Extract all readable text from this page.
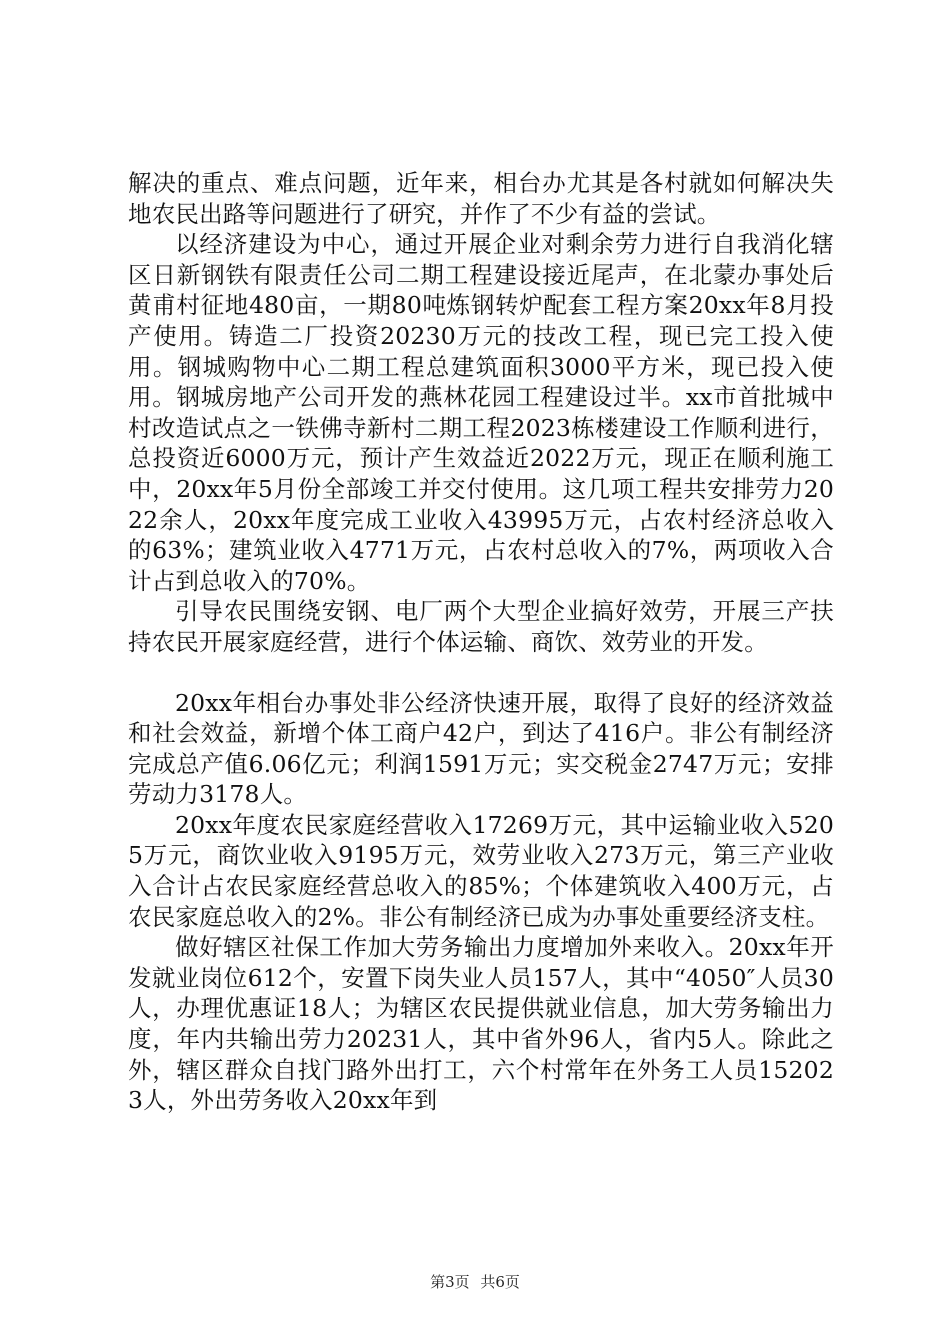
解决的重点、难点问题，近年来，相台办尤其是各村就如何解决失地农民出路等问题进行了研究，并作了不少有益的尝试。

以经济建设为中心，通过开展企业对剩余劳力进行自我消化辖区日新钢铁有限责任公司二期工程建设接近尾声，在北蒙办事处后黄甫村征地480亩，一期80吨炼钢转炉配套工程方案20xx年8月投产使用。铸造二厂投资20230万元的技改工程，现已完工投入使用。钢城购物中心二期工程总建筑面积3000平方米，现已投入使用。钢城房地产公司开发的燕林花园工程建设过半。xx市首批城中村改造试点之一铁佛寺新村二期工程2023栋楼建设工作顺利进行，总投资近6000万元，预计产生效益近2022万元，现正在顺利施工中，20xx年5月份全部竣工并交付使用。这几项工程共安排劳力2022余人，20xx年度完成工业收入43995万元，占农村经济总收入的63%；建筑业收入4771万元，占农村总收入的7%，两项收入合计占到总收入的70%。

引导农民围绕安钢、电厂两个大型企业搞好效劳，开展三产扶持农民开展家庭经营，进行个体运输、商饮、效劳业的开发。

20xx年相台办事处非公经济快速开展，取得了良好的经济效益和社会效益，新增个体工商户42户，到达了416户。非公有制经济完成总产值6.06亿元；利润1591万元；实交税金2747万元；安排劳动力3178人。

20xx年度农民家庭经营收入17269万元，其中运输业收入5205万元，商饮业收入9195万元，效劳业收入273万元，第三产业收入合计占农民家庭经营总收入的85%；个体建筑收入400万元，占农民家庭总收入的2%。非公有制经济已成为办事处重要经济支柱。

做好辖区社保工作加大劳务输出力度增加外来收入。20xx年开发就业岗位612个，安置下岗失业人员157人，其中“4050″人员30人，办理优惠证18人；为辖区农民提供就业信息，加大劳务输出力度，年内共输出劳力20231人，其中省外96人，省内5人。除此之外，辖区群众自找门路外出打工，六个村常年在外务工人员152023人，外出劳务收入20xx年到

第3页 共6页
